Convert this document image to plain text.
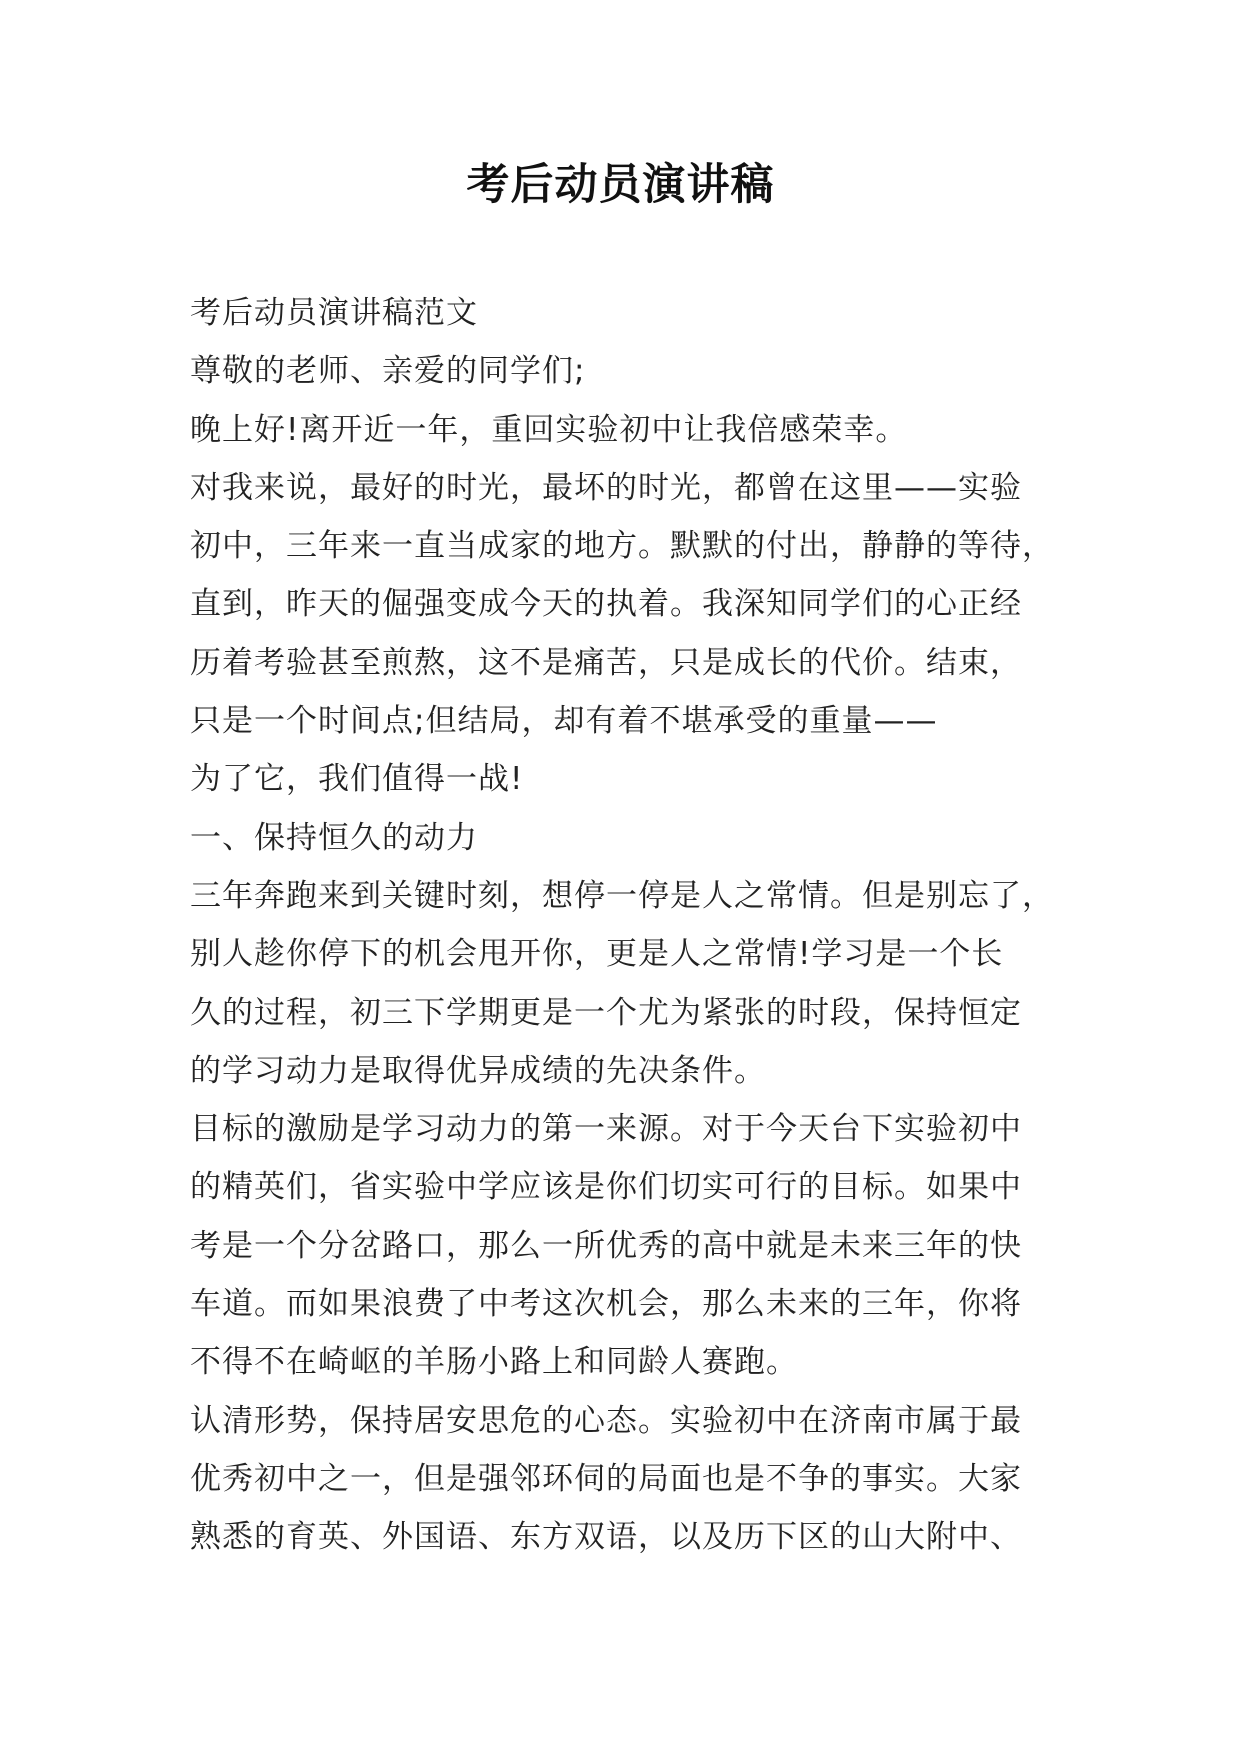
考后动员演讲稿
考后动员演讲稿范文
尊敬的老师、亲爱的同学们;
晚上好!离开近一年，重回实验初中让我倍感荣幸。
对我来说，最好的时光，最坏的时光，都曾在这里——实验
初中，三年来一直当成家的地方。默默的付出，静静的等待，
直到，昨天的倔强变成今天的执着。我深知同学们的心正经
历着考验甚至煎熬，这不是痛苦，只是成长的代价。结束，
只是一个时间点;但结局，却有着不堪承受的重量——
为了它，我们值得一战!
一、保持恒久的动力
三年奔跑来到关键时刻，想停一停是人之常情。但是别忘了，
别人趁你停下的机会甩开你，更是人之常情!学习是一个长
久的过程，初三下学期更是一个尤为紧张的时段，保持恒定
的学习动力是取得优异成绩的先决条件。
目标的激励是学习动力的第一来源。对于今天台下实验初中
的精英们，省实验中学应该是你们切实可行的目标。如果中
考是一个分岔路口，那么一所优秀的高中就是未来三年的快
车道。而如果浪费了中考这次机会，那么未来的三年，你将
不得不在崎岖的羊肠小路上和同龄人赛跑。
认清形势，保持居安思危的心态。实验初中在济南市属于最
优秀初中之一，但是强邻环伺的局面也是不争的事实。大家
熟悉的育英、外国语、东方双语，以及历下区的山大附中、
